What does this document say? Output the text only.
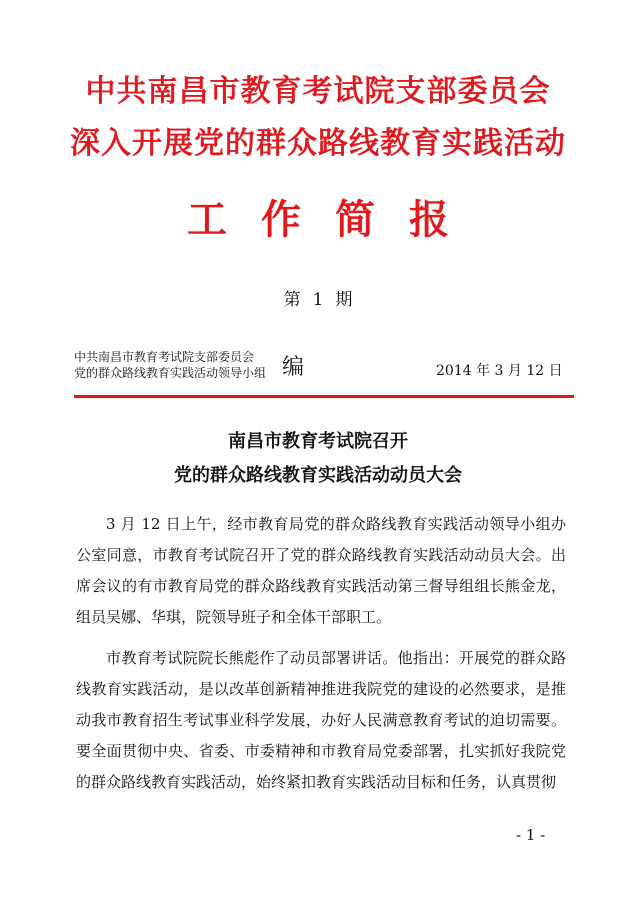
中共南昌市教育考试院支部委员会
深入开展党的群众路线教育实践活动
工作简报
第 1 期
中共南昌市教育考试院支部委员会
党的群众路线教育实践活动领导小组 编	2014 年 3 月 12 日
南昌市教育考试院召开
党的群众路线教育实践活动动员大会

3 月 12 日上午，经市教育局党的群众路线教育实践活动领导小组办公室同意，市教育考试院召开了党的群众路线教育实践活动动员大会。出席会议的有市教育局党的群众路线教育实践活动第三督导组组长熊金龙，组员吴娜、华琪，院领导班子和全体干部职工。

市教育考试院院长熊彪作了动员部署讲话。他指出：开展党的群众路线教育实践活动，是以改革创新精神推进我院党的建设的必然要求，是推动我市教育招生考试事业科学发展，办好人民满意教育考试的迫切需要。要全面贯彻中央、省委、市委精神和市教育局党委部署，扎实抓好我院党的群众路线教育实践活动，始终紧扣教育实践活动目标和任务，认真贯彻

- 1 -
